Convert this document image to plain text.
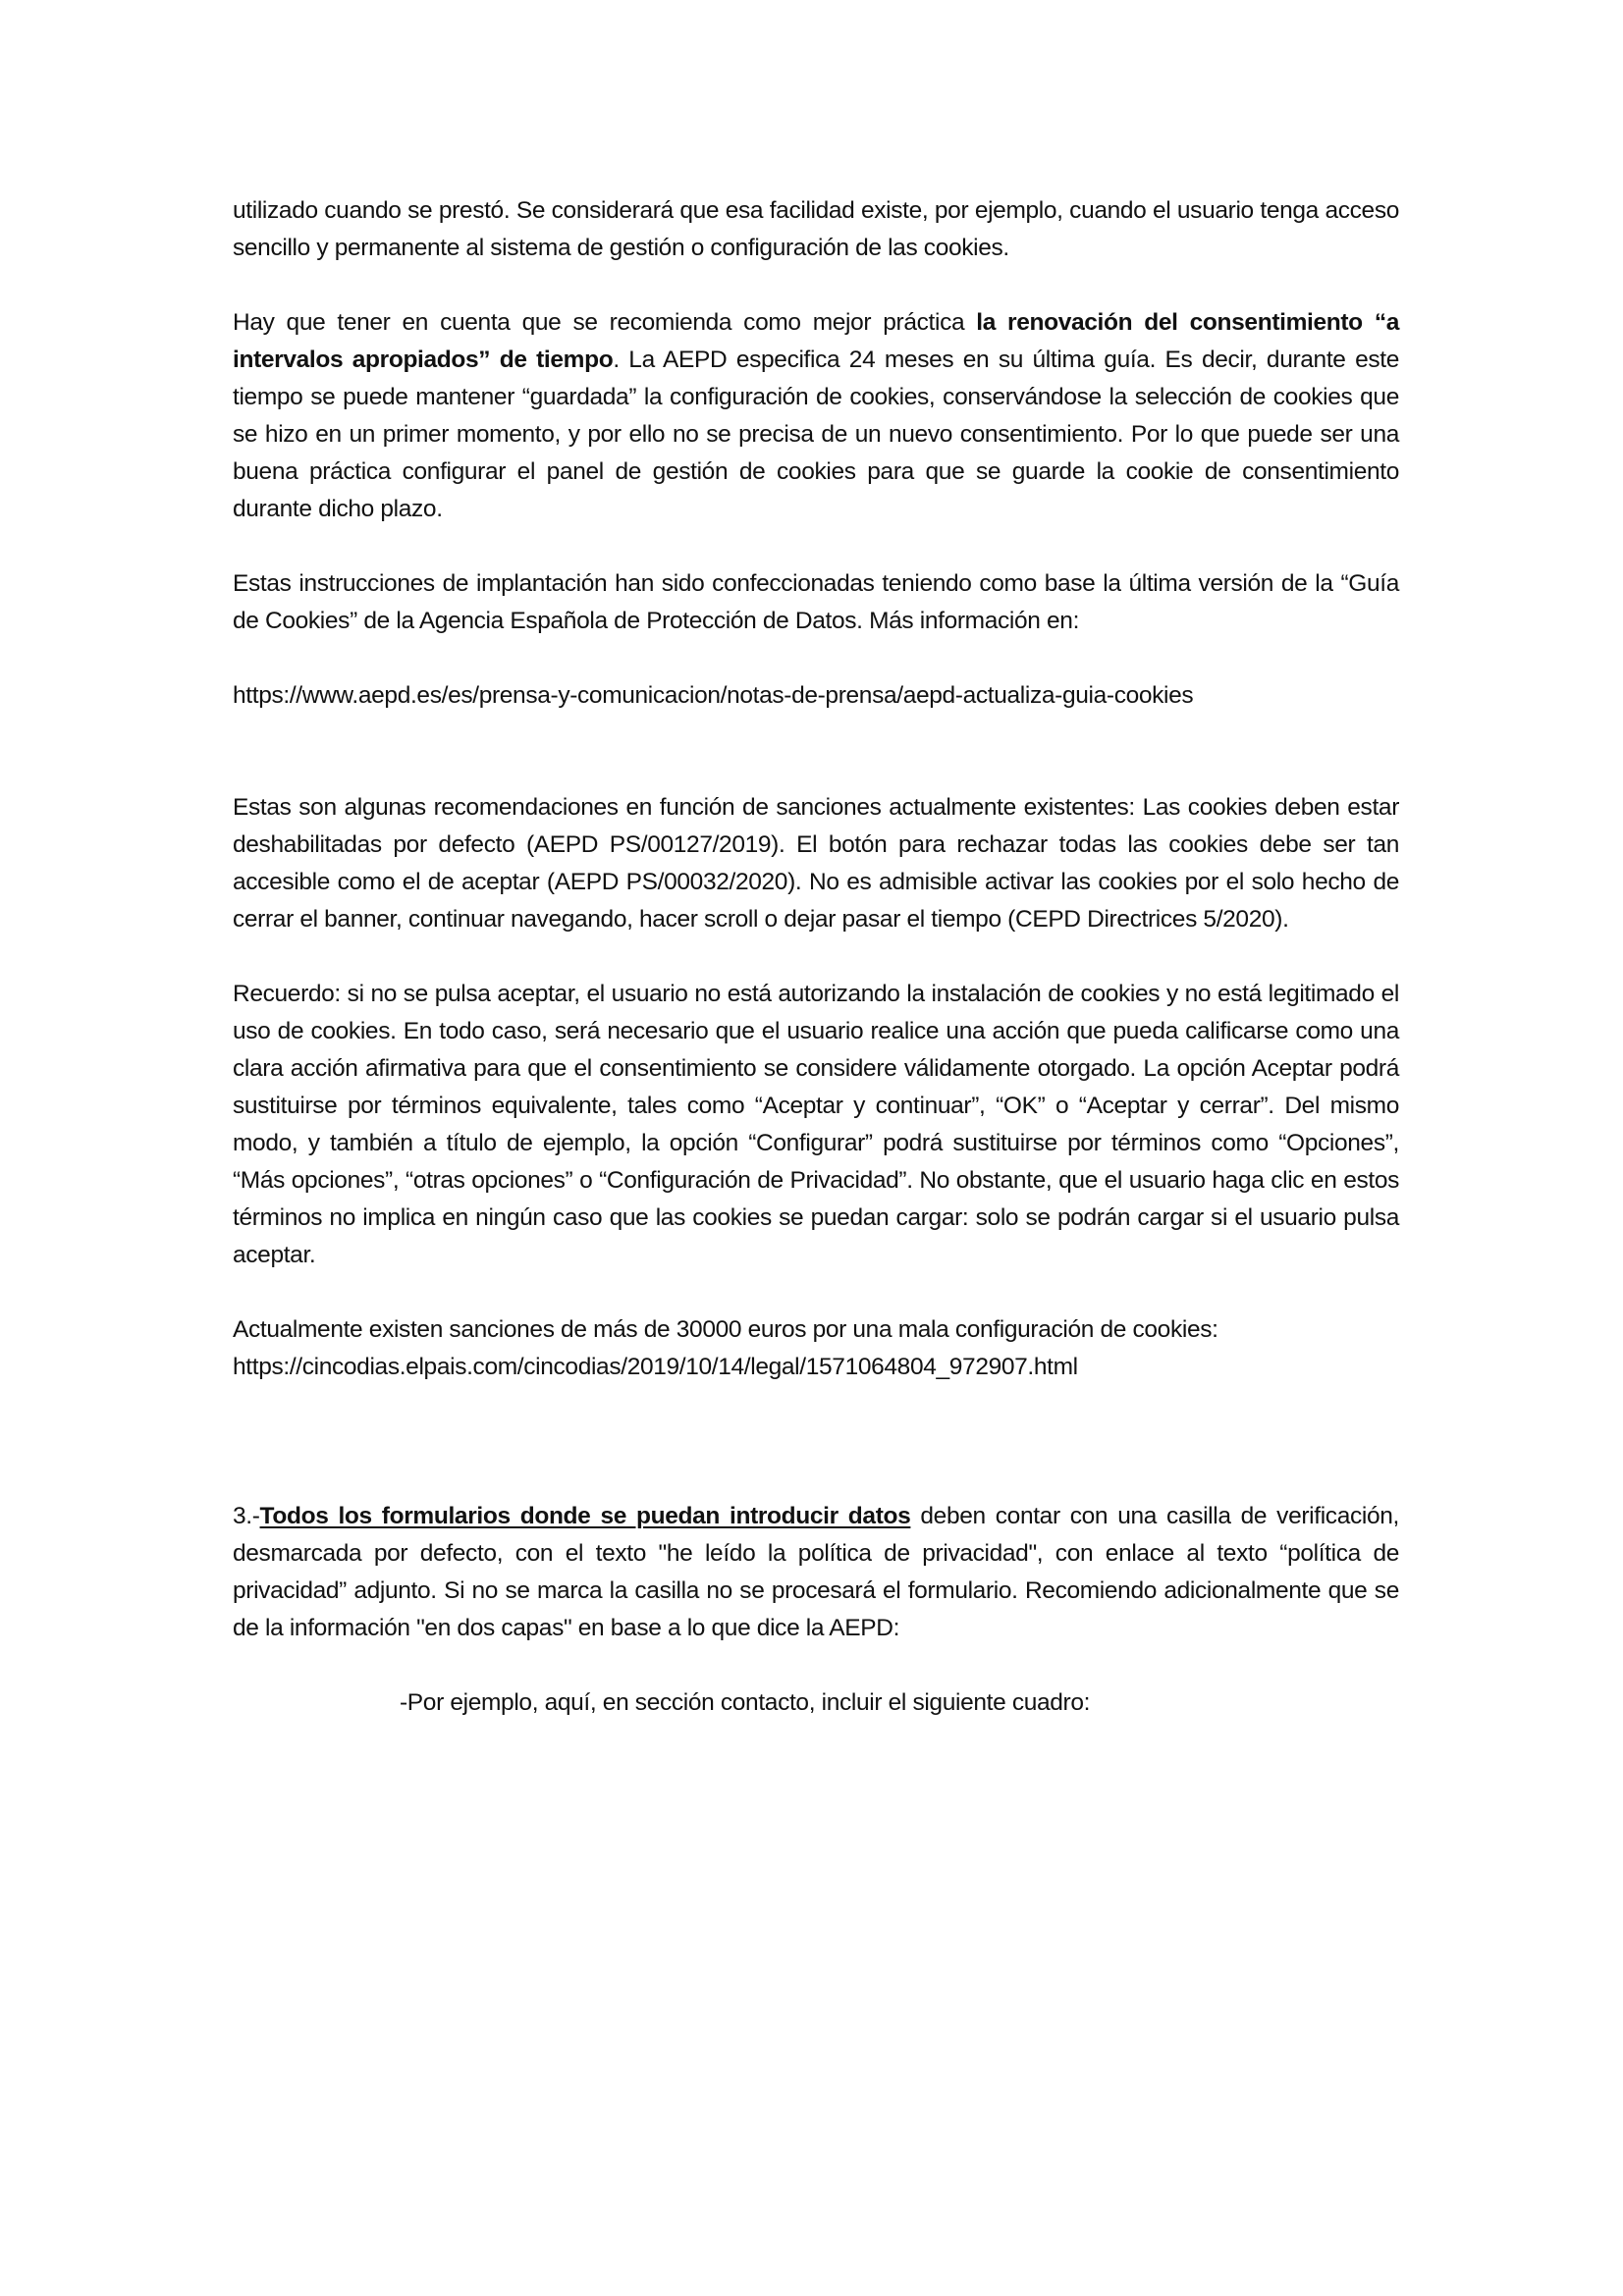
utilizado cuando se prestó. Se considerará que esa facilidad existe, por ejemplo, cuando el usuario tenga acceso sencillo y permanente al sistema de gestión o configuración de las cookies.

Hay que tener en cuenta que se recomienda como mejor práctica la renovación del consentimiento “a intervalos apropiados” de tiempo. La AEPD especifica 24 meses en su última guía. Es decir, durante este tiempo se puede mantener “guardada” la configuración de cookies, conservándose la selección de cookies que se hizo en un primer momento, y por ello no se precisa de un nuevo consentimiento. Por lo que puede ser una buena práctica configurar el panel de gestión de cookies para que se guarde la cookie de consentimiento durante dicho plazo.

Estas instrucciones de implantación han sido confeccionadas teniendo como base la última versión de la “Guía de Cookies” de la Agencia Española de Protección de Datos. Más información en:

https://www.aepd.es/es/prensa-y-comunicacion/notas-de-prensa/aepd-actualiza-guia-cookies

Estas son algunas recomendaciones en función de sanciones actualmente existentes: Las cookies deben estar deshabilitadas por defecto (AEPD PS/00127/2019). El botón para rechazar todas las cookies debe ser tan accesible como el de aceptar (AEPD PS/00032/2020). No es admisible activar las cookies por el solo hecho de cerrar el banner, continuar navegando, hacer scroll o dejar pasar el tiempo (CEPD Directrices 5/2020).

Recuerdo: si no se pulsa aceptar, el usuario no está autorizando la instalación de cookies y no está legitimado el uso de cookies. En todo caso, será necesario que el usuario realice una acción que pueda calificarse como una clara acción afirmativa para que el consentimiento se considere válidamente otorgado. La opción Aceptar podrá sustituirse por términos equivalente, tales como “Aceptar y continuar”, “OK” o “Aceptar y cerrar”. Del mismo modo, y también a título de ejemplo, la opción “Configurar” podrá sustituirse por términos como “Opciones”, “Más opciones”, “otras opciones” o “Configuración de Privacidad”. No obstante, que el usuario haga clic en estos términos no implica en ningún caso que las cookies se puedan cargar: solo se podrán cargar si el usuario pulsa aceptar.

Actualmente existen sanciones de más de 30000 euros por una mala configuración de cookies:

https://cincodias.elpais.com/cincodias/2019/10/14/legal/1571064804_972907.html

3.-Todos los formularios donde se puedan introducir datos deben contar con una casilla de verificación, desmarcada por defecto, con el texto "he leído la política de privacidad", con enlace al texto “política de privacidad” adjunto. Si no se marca la casilla no se procesará el formulario. Recomiendo adicionalmente que se de la información "en dos capas" en base a lo que dice la AEPD:

-Por ejemplo, aquí, en sección contacto, incluir el siguiente cuadro:
